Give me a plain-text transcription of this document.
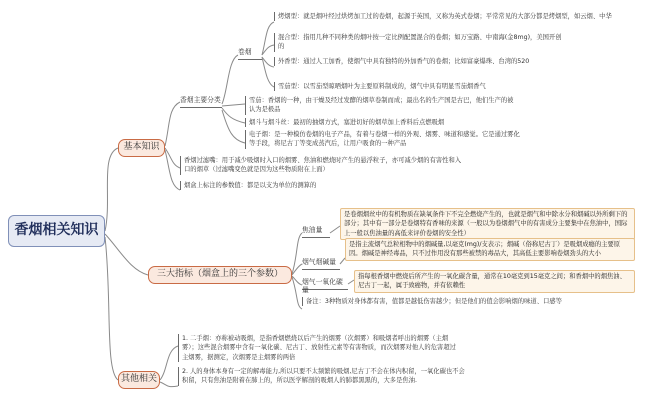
香烟相关知识
基本知识
三大指标（烟盒上的三个参数）
其他相关
香烟主要分类
卷烟
烤烟型：就是烟叶经过烘烤加工过的卷烟，起源于英国，又称为英式卷烟；平常常见的大部分都是烤烟型，如云烟、中华
混合型：指用几种不同种类的烟叶按一定比例配置混合的卷烟；如万宝路、中南海(金8mg)，美国开创的
外香型：通过人工加香，使烟气中具有独特的外加香气的卷烟；比如富豪爆珠、台湾的520
雪茄型：以雪茄型晾晒烟叶为主要原料制成的，烟气中具有明显雪茄烟香气
雪茄：香烟的一种，由干燥及经过发酵的烟草卷制而成；最出名的生产国是古巴，他们生产的被认为是极品
烟斗与烟斗丝：最初的抽烟方式，塞进切好的烟草加上香料后点燃吸烟
电子烟：是一种模仿卷烟的电子产品，有着与卷烟一样的外观、烟雾、味道和感觉。它是通过雾化等手段，将尼古丁等变成蒸汽后，让用户吸食的一种产品
香烟过滤嘴：用于减少吸烟时入口的烟雾、焦油和燃烧时产生的悬浮粒子，亦可减少烟的有害性和入口的烟草（过滤嘴变色就是因为这些物质附在上面）
烟盒上标注的参数值：都是以支为单位的测算的
焦油量
是卷烟烟丝中的有机物质在缺氧条件下不完全燃烧产生的，也就是烟气和中除水分和烟碱以外所剩下的部分；其中有一部分是卷烟特有香味的来源（一般以为卷烟烟气中的有害成分主要集中在焦油中，国际上一般以焦油量的高低来评价卷烟的安全性）
烟气烟碱量
是指主流烟气总粒相物中的烟碱量,以毫克(mg)/支表示；烟碱（俗称尼古丁）是吸烟成瘾的主要原因。烟碱是神经毒品，只不过作用没有那些被禁的毒品大，其高低主要影响卷烟劲头的大小
烟气一氧化碳量
指每根香烟中燃烧后所产生的一氧化碳含量，通常在10毫克到15毫克之间；和香烟中的烟焦油、尼古丁一起，属于致癌物，并有依赖性
备注：3种物质对身体都有害，值都是越低伤害越少；但是他们的值会影响烟的味道、口感等
1. 二手烟：亦称被动吸烟，是指香烟燃烧以后产生的烟雾（次烟雾）和吸烟者呼出的烟雾（主烟雾）；这些混合烟雾中含有一氧化碳、尼古丁、放射性元素等有害物质，而次烟雾对他人的危害超过主烟雾，据测定，次烟雾是主烟雾的两倍
2. 人的身体本身有一定的解毒能力,所以只要不太频繁的吸烟,尼古丁不会在体内积留，一氧化碳也不会积留，只有焦油是附着在肺上的，所以医学解剖的吸烟人的肺都黑黑的，大多是焦油.
